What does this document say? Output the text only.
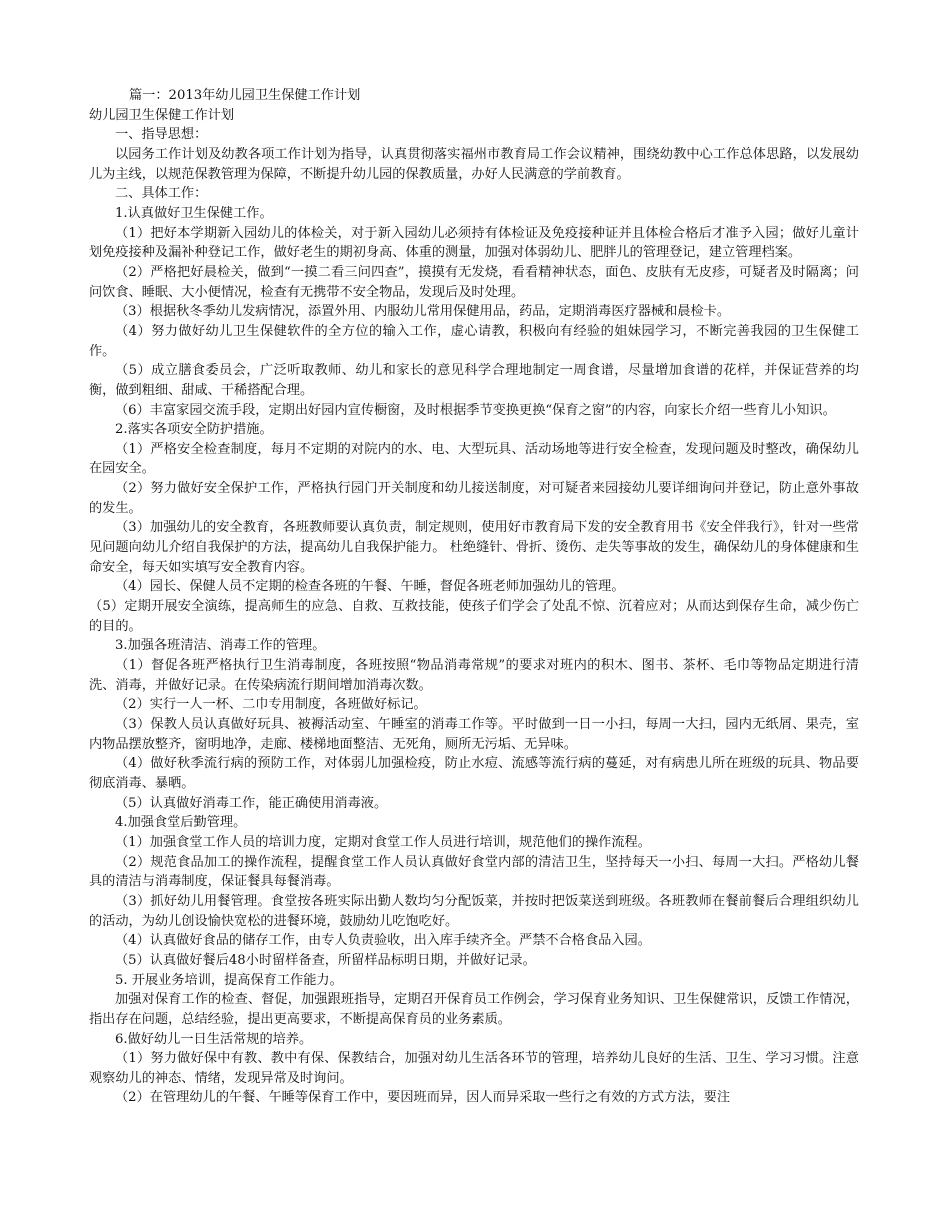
篇一：2013年幼儿园卫生保健工作计划

幼儿园卫生保健工作计划

一、指导思想：

以园务工作计划及幼教各项工作计划为指导，认真贯彻落实福州市教育局工作会议精神，围绕幼教中心工作总体思路，以发展幼儿为主线，以规范保教管理为保障，不断提升幼儿园的保教质量，办好人民满意的学前教育。

二、具体工作：

1.认真做好卫生保健工作。

（1）把好本学期新入园幼儿的体检关，对于新入园幼儿必须持有体检证及免疫接种证并且体检合格后才准予入园；做好儿童计划免疫接种及漏补种登记工作，做好老生的期初身高、体重的测量，加强对体弱幼儿、肥胖儿的管理登记，建立管理档案。

（2）严格把好晨检关，做到“一摸二看三问四查”，摸摸有无发烧，看看精神状态，面色、皮肤有无皮疹，可疑者及时隔离；问问饮食、睡眠、大小便情况，检查有无携带不安全物品，发现后及时处理。

（3）根据秋冬季幼儿发病情况，添置外用、内服幼儿常用保健用品，药品，定期消毒医疗器械和晨检卡。

（4）努力做好幼儿卫生保健软件的全方位的输入工作，虚心请教，积极向有经验的姐妹园学习，不断完善我园的卫生保健工作。

（5）成立膳食委员会，广泛听取教师、幼儿和家长的意见科学合理地制定一周食谱，尽量增加食谱的花样，并保证营养的均衡，做到粗细、甜咸、干稀搭配合理。

（6）丰富家园交流手段，定期出好园内宣传橱窗，及时根据季节变换更换“保育之窗”的内容，向家长介绍一些育儿小知识。

2.落实各项安全防护措施。

（1）严格安全检查制度，每月不定期的对院内的水、电、大型玩具、活动场地等进行安全检查，发现问题及时整改，确保幼儿在园安全。

（2）努力做好安全保护工作，严格执行园门开关制度和幼儿接送制度，对可疑者来园接幼儿要详细询问并登记，防止意外事故的发生。

（3）加强幼儿的安全教育，各班教师要认真负责，制定规则，使用好市教育局下发的安全教育用书《安全伴我行》，针对一些常见问题向幼儿介绍自我保护的方法，提高幼儿自我保护能力。 杜绝缝针、骨折、烫伤、走失等事故的发生，确保幼儿的身体健康和生命安全，每天如实填写安全教育内容。

（4）园长、保健人员不定期的检查各班的午餐、午睡，督促各班老师加强幼儿的管理。

（5）定期开展安全演练，提高师生的应急、自救、互救技能，使孩子们学会了处乱不惊、沉着应对；从而达到保存生命，减少伤亡的目的。

3.加强各班清洁、消毒工作的管理。

（1）督促各班严格执行卫生消毒制度，各班按照“物品消毒常规”的要求对班内的积木、图书、茶杯、毛巾等物品定期进行清洗、消毒，并做好记录。在传染病流行期间增加消毒次数。

（2）实行一人一杯、二巾专用制度，各班做好标记。

（3）保教人员认真做好玩具、被褥活动室、午睡室的消毒工作等。平时做到一日一小扫，每周一大扫，园内无纸屑、果壳，室内物品摆放整齐，窗明地净，走廊、楼梯地面整洁、无死角，厕所无污垢、无异味。

（4）做好秋季流行病的预防工作，对体弱儿加强检疫，防止水痘、流感等流行病的蔓延，对有病患儿所在班级的玩具、物品要彻底消毒、暴晒。

（5）认真做好消毒工作，能正确使用消毒液。

4.加强食堂后勤管理。

（1）加强食堂工作人员的培训力度，定期对食堂工作人员进行培训，规范他们的操作流程。

（2）规范食品加工的操作流程，提醒食堂工作人员认真做好食堂内部的清洁卫生，坚持每天一小扫、每周一大扫。严格幼儿餐具的清洁与消毒制度，保证餐具每餐消毒。

（3）抓好幼儿用餐管理。食堂按各班实际出勤人数均匀分配饭菜，并按时把饭菜送到班级。各班教师在餐前餐后合理组织幼儿的活动，为幼儿创设愉快宽松的进餐环境，鼓励幼儿吃饱吃好。

（4）认真做好食品的储存工作，由专人负责验收，出入库手续齐全。严禁不合格食品入园。

（5）认真做好餐后48小时留样备查，所留样品标明日期，并做好记录。

5. 开展业务培训，提高保育工作能力。

加强对保育工作的检查、督促，加强跟班指导，定期召开保育员工作例会，学习保育业务知识、卫生保健常识，反馈工作情况，指出存在问题，总结经验，提出更高要求，不断提高保育员的业务素质。

6.做好幼儿一日生活常规的培养。

（1）努力做好保中有教、教中有保、保教结合，加强对幼儿生活各环节的管理，培养幼儿良好的生活、卫生、学习习惯。注意观察幼儿的神态、情绪，发现异常及时询问。

（2）在管理幼儿的午餐、午睡等保育工作中，要因班而异，因人而异采取一些行之有效的方式方法，要注
